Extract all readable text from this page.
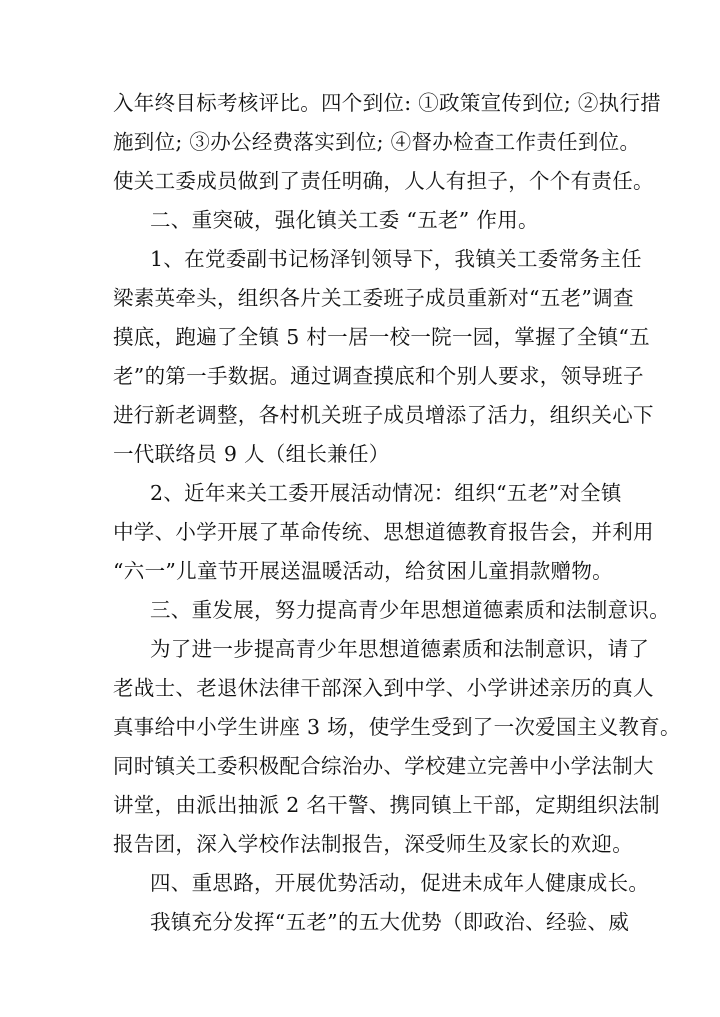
入年终目标考核评比。四个到位: ①政策宣传到位; ②执行措
施到位; ③办公经费落实到位; ④督办检查工作责任到位。
使关工委成员做到了责任明确，人人有担子，个个有责任。
二、重突破，强化镇关工委 “五老” 作用。
1、在党委副书记杨泽钊领导下，我镇关工委常务主任
梁素英牵头，组织各片关工委班子成员重新对“五老”调查
摸底，跑遍了全镇 5 村一居一校一院一园，掌握了全镇“五
老”的第一手数据。通过调查摸底和个别人要求，领导班子
进行新老调整，各村机关班子成员增添了活力，组织关心下
一代联络员 9 人（组长兼任）
2、近年来关工委开展活动情况：组织“五老”对全镇
中学、小学开展了革命传统、思想道德教育报告会，并利用
“六一”儿童节开展送温暖活动，给贫困儿童捐款赠物。
三、重发展，努力提高青少年思想道德素质和法制意识。
为了进一步提高青少年思想道德素质和法制意识，请了
老战士、老退休法律干部深入到中学、小学讲述亲历的真人
真事给中小学生讲座 3 场，使学生受到了一次爱国主义教育。
同时镇关工委积极配合综治办、学校建立完善中小学法制大
讲堂，由派出抽派 2 名干警、携同镇上干部，定期组织法制
报告团，深入学校作法制报告，深受师生及家长的欢迎。
四、重思路，开展优势活动，促进未成年人健康成长。
我镇充分发挥“五老”的五大优势（即政治、经验、威
